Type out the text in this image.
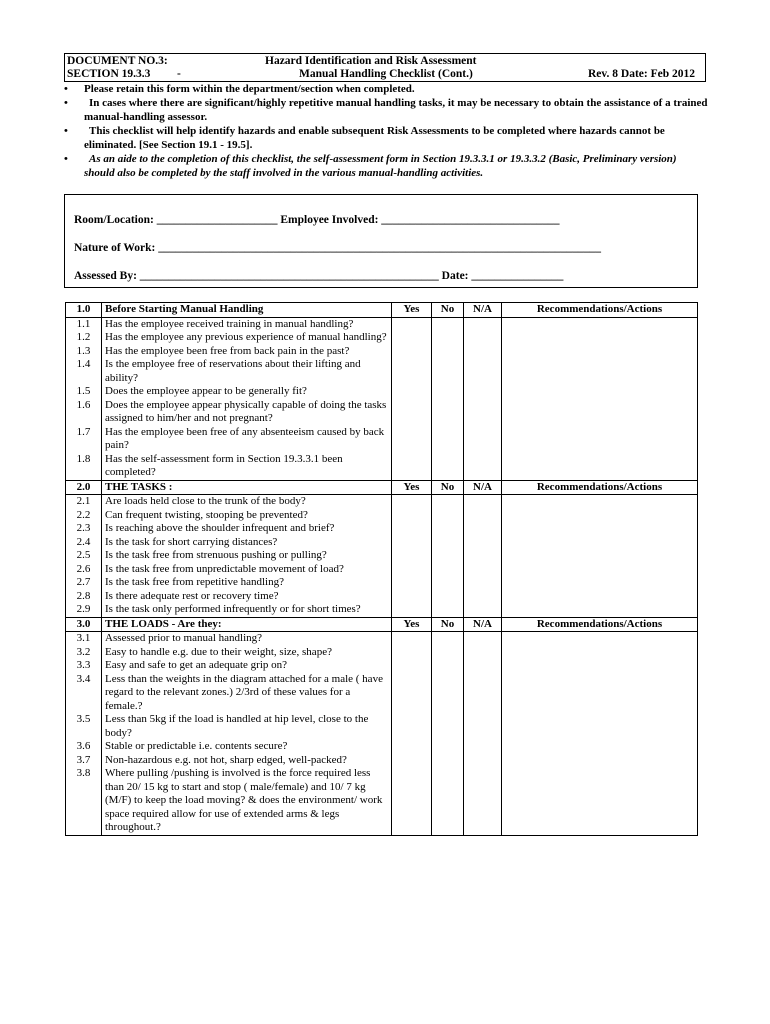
DOCUMENT NO.3:
SECTION 19.3.3 -
Hazard Identification and Risk Assessment
Manual Handling Checklist (Cont.)	Rev. 8 Date: Feb 2012
• Please retain this form within the department/section when completed.
•	In cases where there are significant/highly repetitive manual handling tasks, it may be necessary to obtain the assistance of a trained manual-handling assessor.
•	This checklist will help identify hazards and enable subsequent Risk Assessments to be completed where hazards cannot be eliminated. [See Section 19.1 - 19.5].
•	As an aide to the completion of this checklist, the self-assessment form in Section 19.3.3.1 or 19.3.3.2 (Basic, Preliminary version) should also be completed by the staff involved in the various manual-handling activities.
Room/Location: _____________________ Employee Involved: _______________________________
Nature of Work: _____________________________________________________________________________
Assessed By: ____________________________________________________ Date: ________________
1.0	Before Starting Manual Handling	Yes	No	N/A	Recommendations/Actions
1.1	Has the employee received training in manual handling?				
1.2	Has the employee any previous experience of manual handling?				
1.3	Has the employee been free from back pain in the past?				
1.4	Is the employee free of reservations about their lifting and ability?				
1.5	Does the employee appear to be generally fit?				
1.6	Does the employee appear physically capable of doing the tasks assigned to him/her and not pregnant?				
1.7	Has the employee been free of any absenteeism caused by back pain?				
1.8	Has the self-assessment form in Section 19.3.3.1 been completed?				
2.0	THE TASKS :	Yes	No	N/A	Recommendations/Actions
2.1	Are loads held close to the trunk of the body?				
2.2	Can frequent twisting, stooping be prevented?				
2.3	Is reaching above the shoulder infrequent and brief?				
2.4	Is the task for short carrying distances?				
2.5	Is the task free from strenuous pushing or pulling?				
2.6	Is the task free from unpredictable movement of load?				
2.7	Is the task free from repetitive handling?				
2.8	Is there adequate rest or recovery time?				
2.9	Is the task only performed infrequently or for short times?				
3.0	THE LOADS - Are they:	Yes	No	N/A	Recommendations/Actions
3.1	Assessed prior to manual handling?				
3.2	Easy to handle e.g. due to their weight, size, shape?				
3.3	Easy and safe to get an adequate grip on?				
3.4	Less than the weights in the diagram attached for a male ( have regard to the relevant zones.) 2/3rd of these values for a female.?				
3.5	Less than 5kg if the load is handled at hip level, close to the body?				
3.6	Stable or predictable i.e. contents secure?				
3.7	Non-hazardous e.g. not hot, sharp edged, well-packed?				
3.8	Where pulling /pushing is involved is the force required less than 20/ 15 kg to start and stop ( male/female) and 10/ 7 kg (M/F) to keep the load moving? & does the environment/ work space required allow for use of extended arms & legs throughout.?				
